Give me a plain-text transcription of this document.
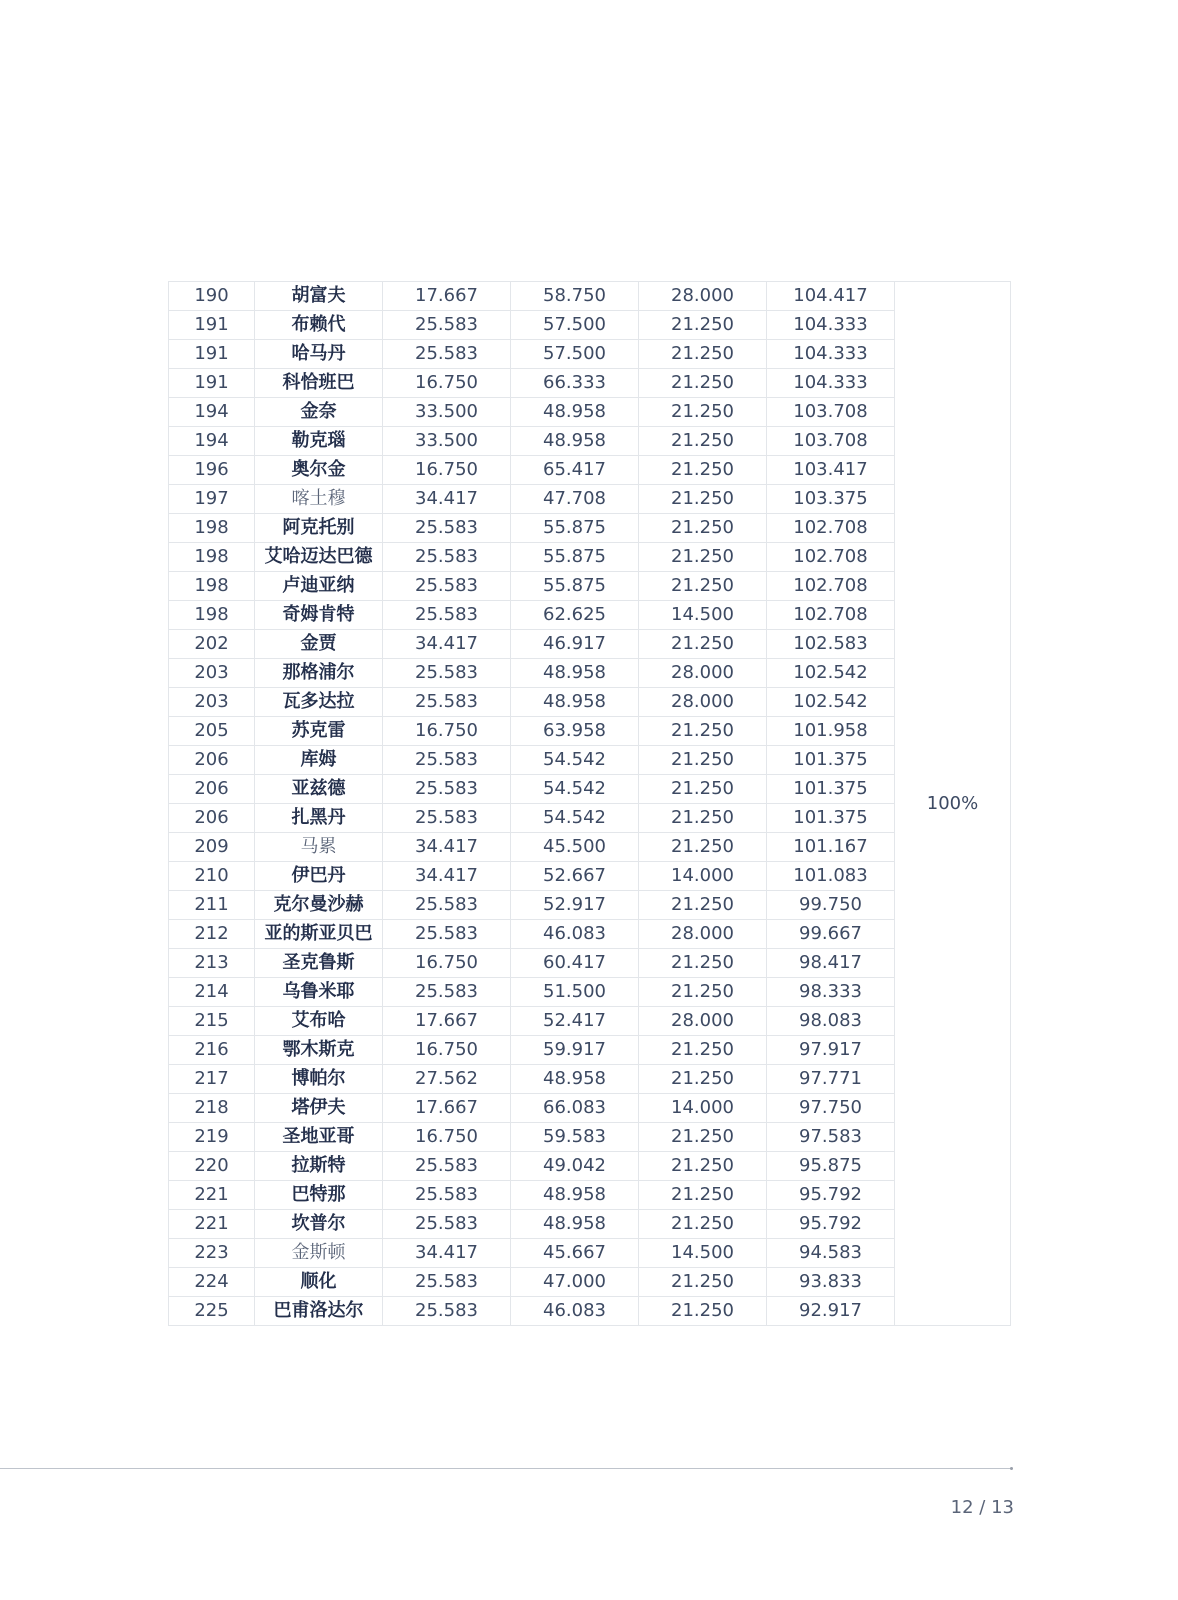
190	胡富夫	17.667	58.750	28.000	104.417	100%
191	布赖代	25.583	57.500	21.250	104.333	
191	哈马丹	25.583	57.500	21.250	104.333	
191	科恰班巴	16.750	66.333	21.250	104.333	
194	金奈	33.500	48.958	21.250	103.708	
194	勒克瑙	33.500	48.958	21.250	103.708	
196	奥尔金	16.750	65.417	21.250	103.417	
197	喀土穆	34.417	47.708	21.250	103.375	
198	阿克托别	25.583	55.875	21.250	102.708	
198	艾哈迈达巴德	25.583	55.875	21.250	102.708	
198	卢迪亚纳	25.583	55.875	21.250	102.708	
198	奇姆肯特	25.583	62.625	14.500	102.708	
202	金贾	34.417	46.917	21.250	102.583	
203	那格浦尔	25.583	48.958	28.000	102.542	
203	瓦多达拉	25.583	48.958	28.000	102.542	
205	苏克雷	16.750	63.958	21.250	101.958	
206	库姆	25.583	54.542	21.250	101.375	
206	亚兹德	25.583	54.542	21.250	101.375	
206	扎黑丹	25.583	54.542	21.250	101.375	
209	马累	34.417	45.500	21.250	101.167	
210	伊巴丹	34.417	52.667	14.000	101.083	
211	克尔曼沙赫	25.583	52.917	21.250	99.750	
212	亚的斯亚贝巴	25.583	46.083	28.000	99.667	
213	圣克鲁斯	16.750	60.417	21.250	98.417	
214	乌鲁米耶	25.583	51.500	21.250	98.333	
215	艾布哈	17.667	52.417	28.000	98.083	
216	鄂木斯克	16.750	59.917	21.250	97.917	
217	博帕尔	27.562	48.958	21.250	97.771	
218	塔伊夫	17.667	66.083	14.000	97.750	
219	圣地亚哥	16.750	59.583	21.250	97.583	
220	拉斯特	25.583	49.042	21.250	95.875	
221	巴特那	25.583	48.958	21.250	95.792	
221	坎普尔	25.583	48.958	21.250	95.792	
223	金斯顿	34.417	45.667	14.500	94.583	
224	顺化	25.583	47.000	21.250	93.833	
225	巴甫洛达尔	25.583	46.083	21.250	92.917	
12 / 13
